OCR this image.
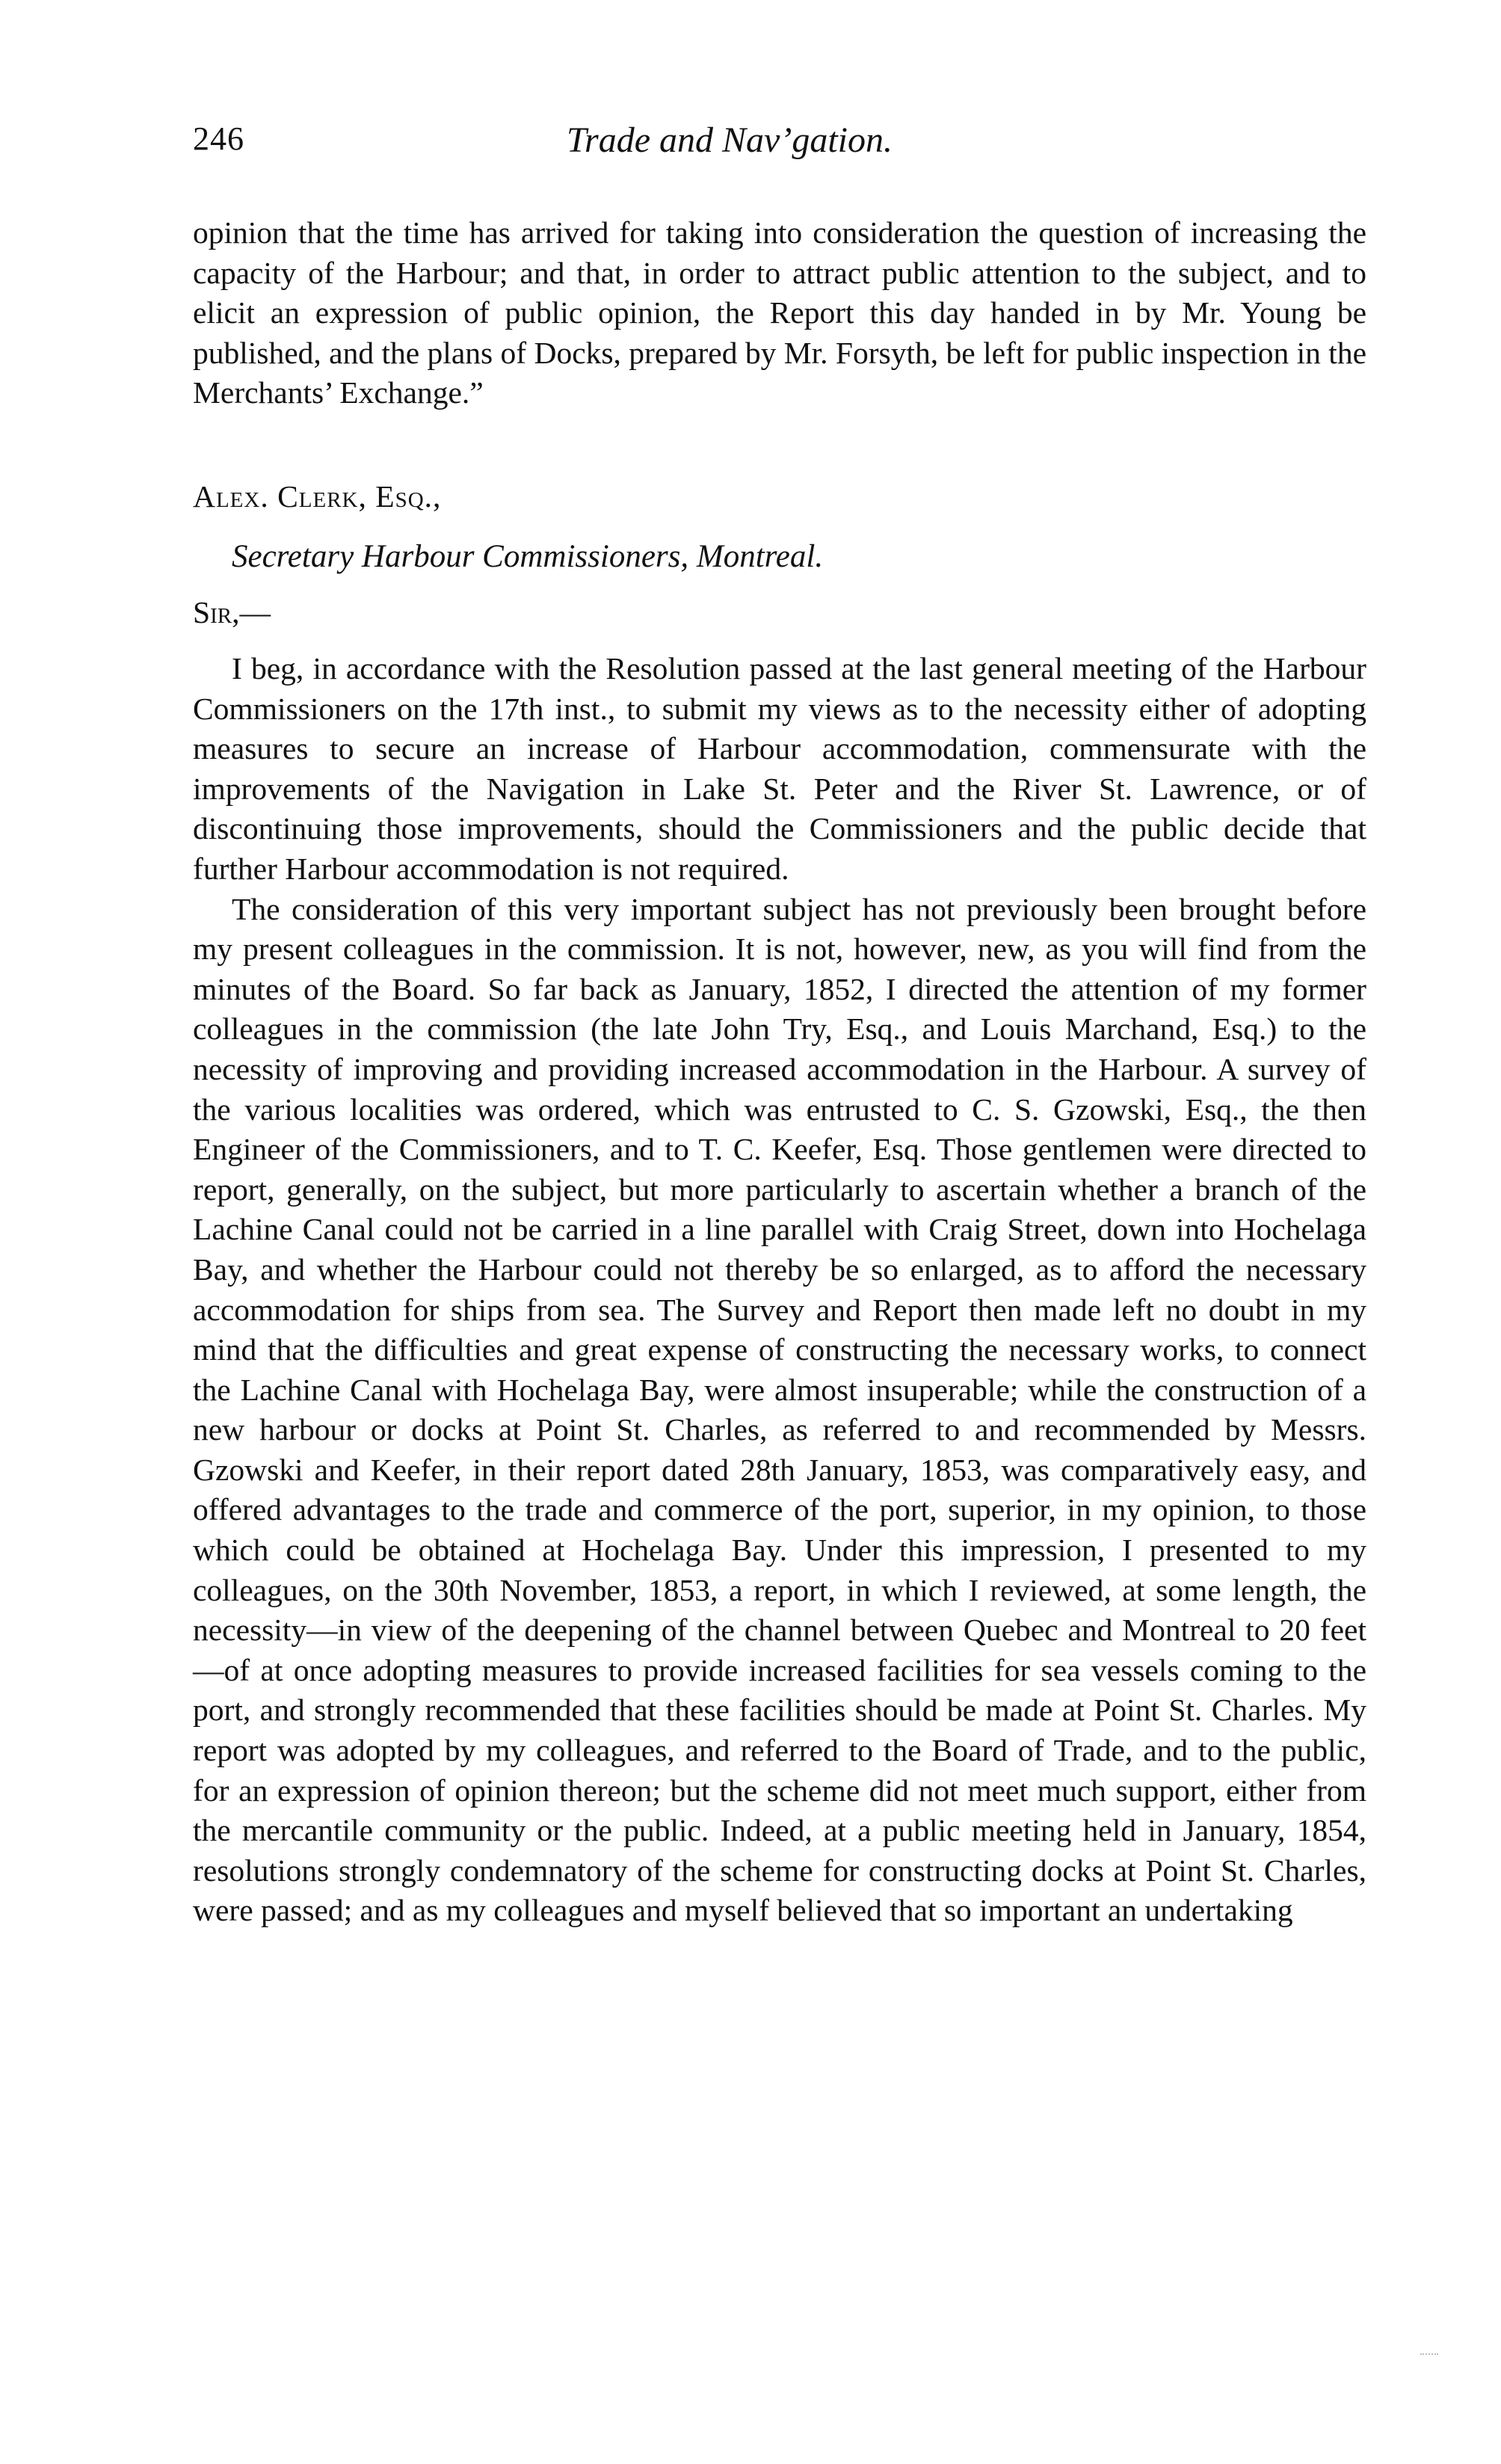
246	Trade and Nav’gation.

opinion that the time has arrived for taking into consideration the question of increasing the capacity of the Harbour; and that, in order to attract public attention to the subject, and to elicit an expression of public opinion, the Report this day handed in by Mr. Young be published, and the plans of Docks, prepared by Mr. Forsyth, be left for public inspection in the Merchants’ Exchange.”

Alex. Clerk, Esq.,
Secretary Harbour Commissioners, Montreal.
Sir,—

I beg, in accordance with the Resolution passed at the last general meeting of the Harbour Commissioners on the 17th inst., to submit my views as to the necessity either of adopting measures to secure an increase of Harbour accommodation, commensurate with the improvements of the Navigation in Lake St. Peter and the River St. Lawrence, or of discontinuing those improvements, should the Commissioners and the public decide that further Harbour accommodation is not required.

The consideration of this very important subject has not previously been brought before my present colleagues in the commission. It is not, however, new, as you will find from the minutes of the Board. So far back as January, 1852, I directed the attention of my former colleagues in the commission (the late John Try, Esq., and Louis Marchand, Esq.) to the necessity of improving and providing increased accommodation in the Harbour. A survey of the various localities was ordered, which was entrusted to C. S. Gzowski, Esq., the then Engineer of the Commissioners, and to T. C. Keefer, Esq. Those gentlemen were directed to report, generally, on the subject, but more particularly to ascertain whether a branch of the Lachine Canal could not be carried in a line parallel with Craig Street, down into Hochelaga Bay, and whether the Harbour could not thereby be so enlarged, as to afford the necessary accommodation for ships from sea. The Survey and Report then made left no doubt in my mind that the difficulties and great expense of constructing the necessary works, to connect the Lachine Canal with Hochelaga Bay, were almost insuperable; while the construction of a new harbour or docks at Point St. Charles, as referred to and recommended by Messrs. Gzowski and Keefer, in their report dated 28th January, 1853, was comparatively easy, and offered advantages to the trade and commerce of the port, superior, in my opinion, to those which could be obtained at Hochelaga Bay. Under this impression, I presented to my colleagues, on the 30th November, 1853, a report, in which I reviewed, at some length, the necessity—in view of the deepening of the channel between Quebec and Montreal to 20 feet—of at once adopting measures to provide increased facilities for sea vessels coming to the port, and strongly recommended that these facilities should be made at Point St. Charles. My report was adopted by my colleagues, and referred to the Board of Trade, and to the public, for an expression of opinion thereon; but the scheme did not meet much support, either from the mercantile community or the public. Indeed, at a public meeting held in January, 1854, resolutions strongly condemnatory of the scheme for constructing docks at Point St. Charles, were passed; and as my colleagues and myself believed that so important an undertaking
